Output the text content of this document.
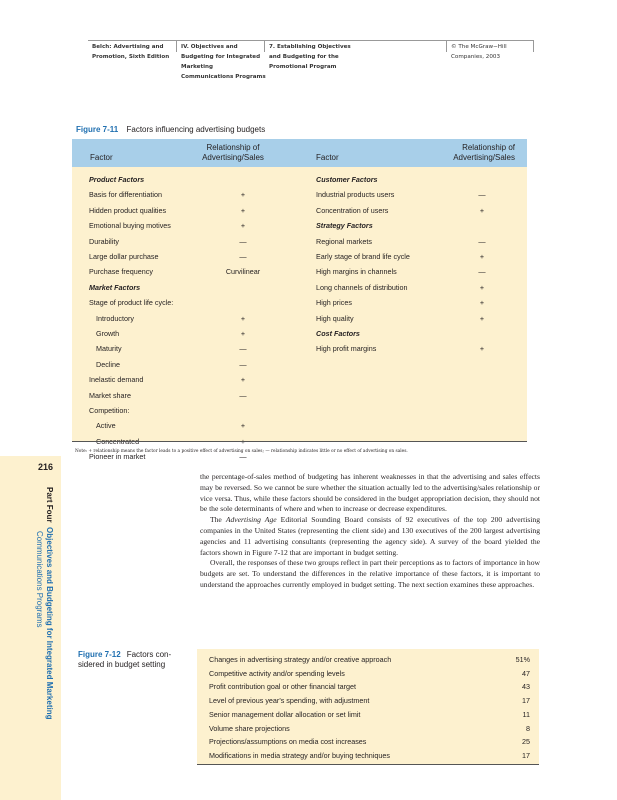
Belch: Advertising and
Promotion, Sixth Edition
IV. Objectives and
Budgeting for Integrated
Marketing
Communications Programs
7. Establishing Objectives
and Budgeting for the
Promotional Program
© The McGraw−Hill
Companies, 2003
Figure 7-11 Factors influencing advertising budgets
Factor
Relationship of
Advertising/Sales	Factor
Relationship of
Advertising/Sales
Product Factors
Basis for differentiation	+
Hidden product qualities	+
Emotional buying motives	+
Durability	—
Large dollar purchase	—
Purchase frequency	Curvilinear
Market Factors
Stage of product life cycle:
Introductory	+
Growth	+
Maturity	—
Decline	—
Inelastic demand	+
Market share	—
Competition:
Active	+
Concentrated	+
Pioneer in market	—
Customer Factors
Industrial products users	—
Concentration of users	+
Strategy Factors
Regional markets	—
Early stage of brand life cycle	+
High margins in channels	—
Long channels of distribution	+
High prices	+
High quality	+
Cost Factors
High profit margins	+
Note: + relationship means the factor leads to a positive effect of advertising on sales; — relationship indicates little or no effect of advertising on sales.
216
Part Four  Objectives and Budgeting for Integrated Marketing
Communications Programs

the percentage-of-sales method of budgeting has inherent weaknesses in that the advertising and sales effects may be reversed. So we cannot be sure whether the situation actually led to the advertising/sales relationship or vice versa. Thus, while these factors should be considered in the budget appropriation decision, they should not be the sole determinants of where and when to increase or decrease expenditures.

The Advertising Age Editorial Sounding Board consists of 92 executives of the top 200 advertising companies in the United States (representing the client side) and 130 executives of the 200 largest advertising agencies and 11 advertising consultants (representing the agency side). A survey of the board yielded the factors shown in Figure 7-12 that are important in budget setting.

Overall, the responses of these two groups reflect in part their perceptions as to factors of importance in how budgets are set. To understand the differences in the relative importance of these factors, it is important to understand the approaches currently employed in budget setting. The next section examines these approaches.

Figure 7-12 Factors con-
sidered in budget setting
Changes in advertising strategy and/or creative approach	51%
Competitive activity and/or spending levels	47
Profit contribution goal or other financial target	43
Level of previous year's spending, with adjustment	17
Senior management dollar allocation or set limit	11
Volume share projections	8
Projections/assumptions on media cost increases	25
Modifications in media strategy and/or buying techniques	17
